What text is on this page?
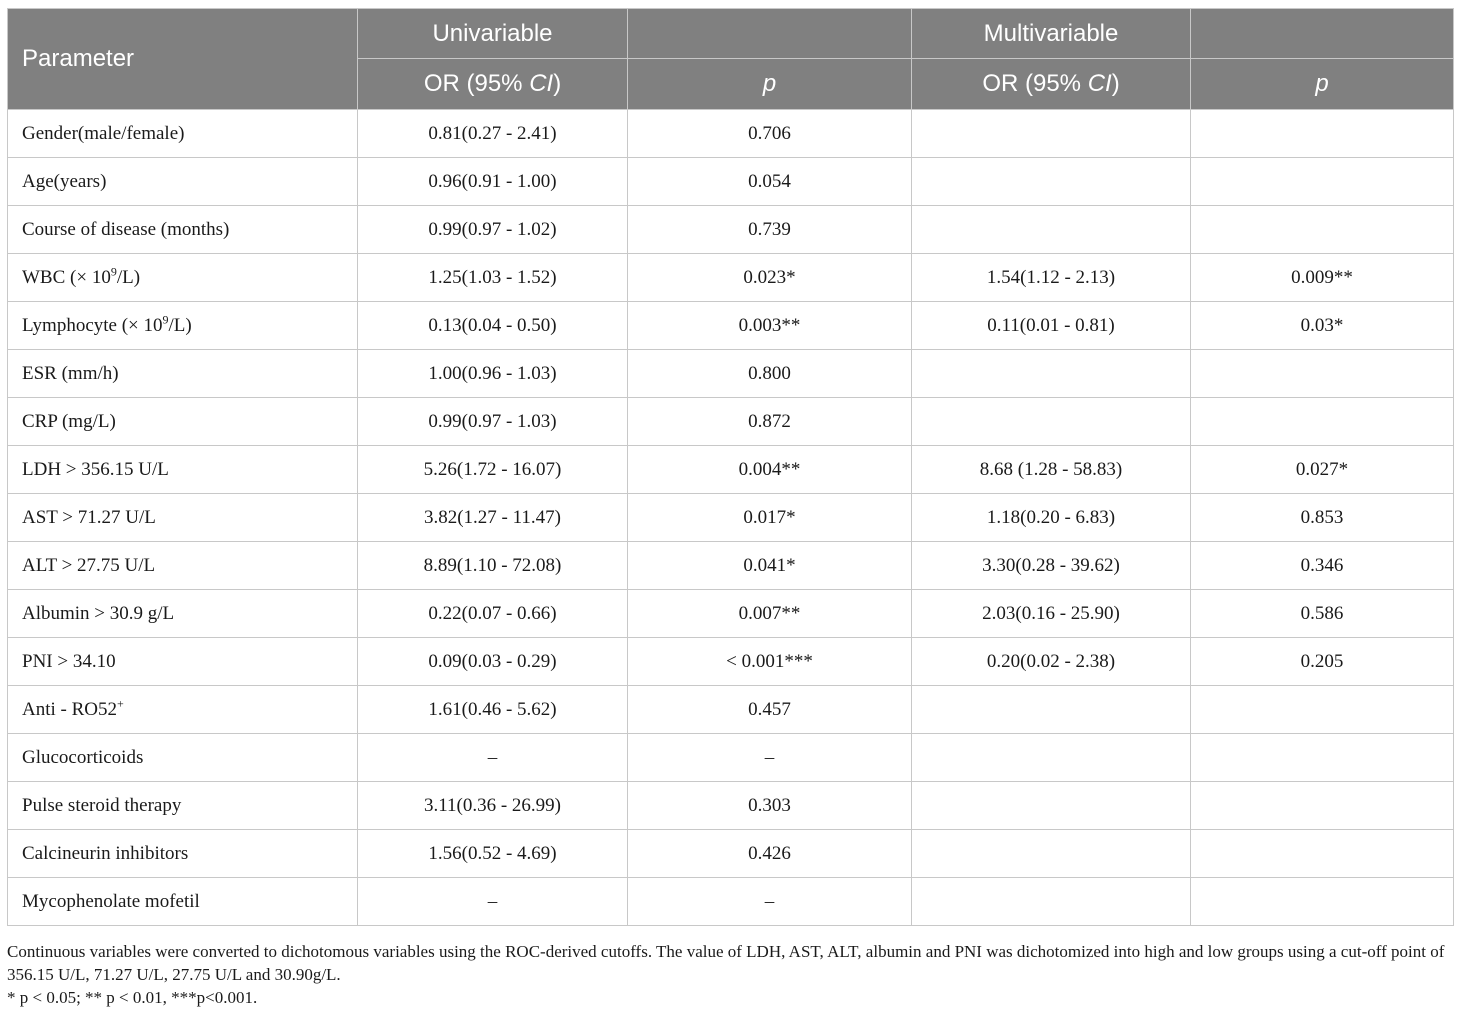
Parameter	Univariable		Multivariable	
	OR (95% CI)	p	OR (95% CI)	p
Gender(male/female)	0.81(0.27 - 2.41)	0.706		
Age(years)	0.96(0.91 - 1.00)	0.054		
Course of disease (months)	0.99(0.97 - 1.02)	0.739		
WBC (× $10^9/L$)	1.25(1.03 - 1.52)	0.023*	1.54(1.12 - 2.13)	0.009**
Lymphocyte (× $10^9/L$)	0.13(0.04 - 0.50)	0.003**	0.11(0.01 - 0.81)	0.03*
ESR (mm/h)	1.00(0.96 - 1.03)	0.800		
CRP (mg/L)	0.99(0.97 - 1.03)	0.872		
LDH > 356.15 U/L	5.26(1.72 - 16.07)	0.004**	8.68 (1.28 - 58.83)	0.027*
AST > 71.27 U/L	3.82(1.27 - 11.47)	0.017*	1.18(0.20 - 6.83)	0.853
ALT > 27.75 U/L	8.89(1.10 - 72.08)	0.041*	3.30(0.28 - 39.62)	0.346
Albumin > 30.9 g/L	0.22(0.07 - 0.66)	0.007**	2.03(0.16 - 25.90)	0.586
PNI > 34.10	0.09(0.03 - 0.29)	< 0.001***	0.20(0.02 - 2.38)	0.205
Anti - RO52+	1.61(0.46 - 5.62)	0.457		
Glucocorticoids	–	–		
Pulse steroid therapy	3.11(0.36 - 26.99)	0.303		
Calcineurin inhibitors	1.56(0.52 - 4.69)	0.426		
Mycophenolate mofetil	–	–		

Continuous variables were converted to dichotomous variables using the ROC-derived cutoffs. The value of LDH, AST, ALT, albumin and PNI was dichotomized into high and low groups using a cut-off point of 356.15 U/L, 71.27 U/L, 27.75 U/L and 30.90g/L.

* p < 0.05; ** p < 0.01, ***p<0.001.
